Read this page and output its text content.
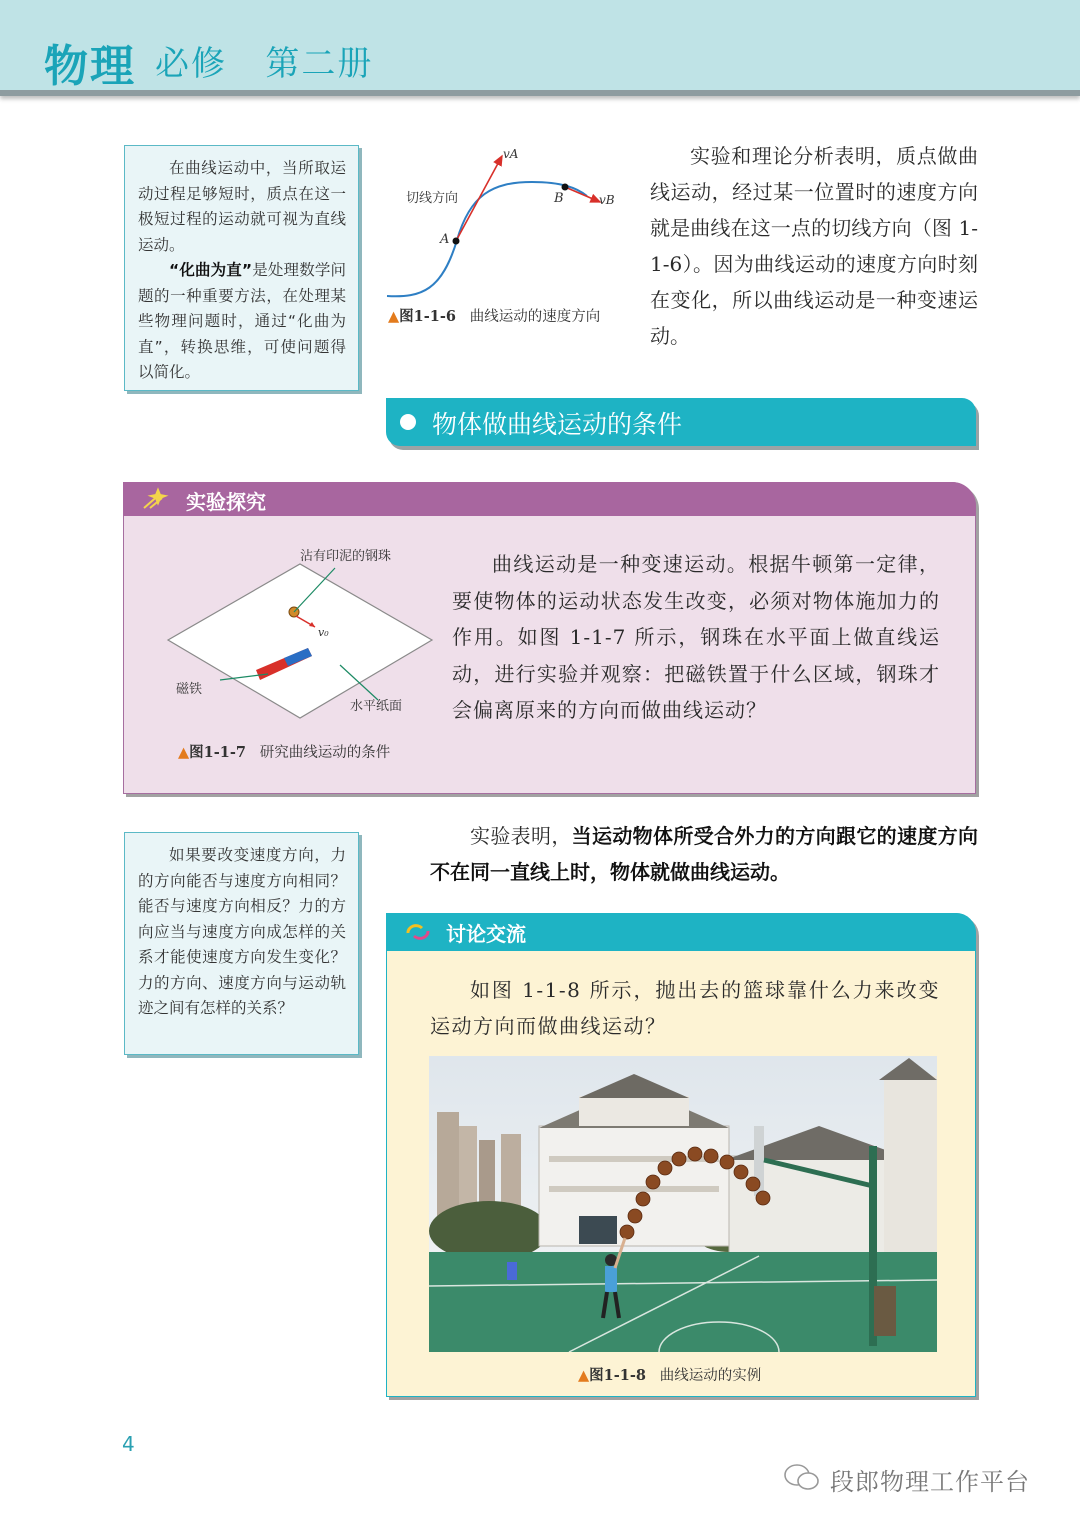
物理 必修   第二册

在曲线运动中，当所取运动过程足够短时，质点在这一极短过程的运动就可视为直线运动。

“化曲为直”是处理数学问题的一种重要方法，在处理某些物理问题时，通过“化曲为直”，转换思维，可使问题得以简化。

切线方向
vA
vB
A
B
▲图1-1-6   曲线运动的速度方向

实验和理论分析表明，质点做曲线运动，经过某一位置时的速度方向就是曲线在这一点的切线方向（图 1-1-6）。因为曲线运动的速度方向时刻在变化，所以曲线运动是一种变速运动。

物体做曲线运动的条件
实验探究
沾有印泥的钢珠
v₀
磁铁
水平纸面
▲图1-1-7   研究曲线运动的条件

曲线运动是一种变速运动。根据牛顿第一定律，要使物体的运动状态发生改变，必须对物体施加力的作用。如图 1-1-7 所示，钢珠在水平面上做直线运动，进行实验并观察：把磁铁置于什么区域，钢珠才会偏离原来的方向而做曲线运动？

如果要改变速度方向，力的方向能否与速度方向相同？能否与速度方向相反？力的方向应当与速度方向成怎样的关系才能使速度方向发生变化？力的方向、速度方向与运动轨迹之间有怎样的关系？

实验表明，当运动物体所受合外力的方向跟它的速度方向不在同一直线上时，物体就做曲线运动。

讨论交流

如图 1-1-8 所示，抛出去的篮球靠什么力来改变运动方向而做曲线运动？

▲图1-1-8   曲线运动的实例
4
段郎物理工作平台
